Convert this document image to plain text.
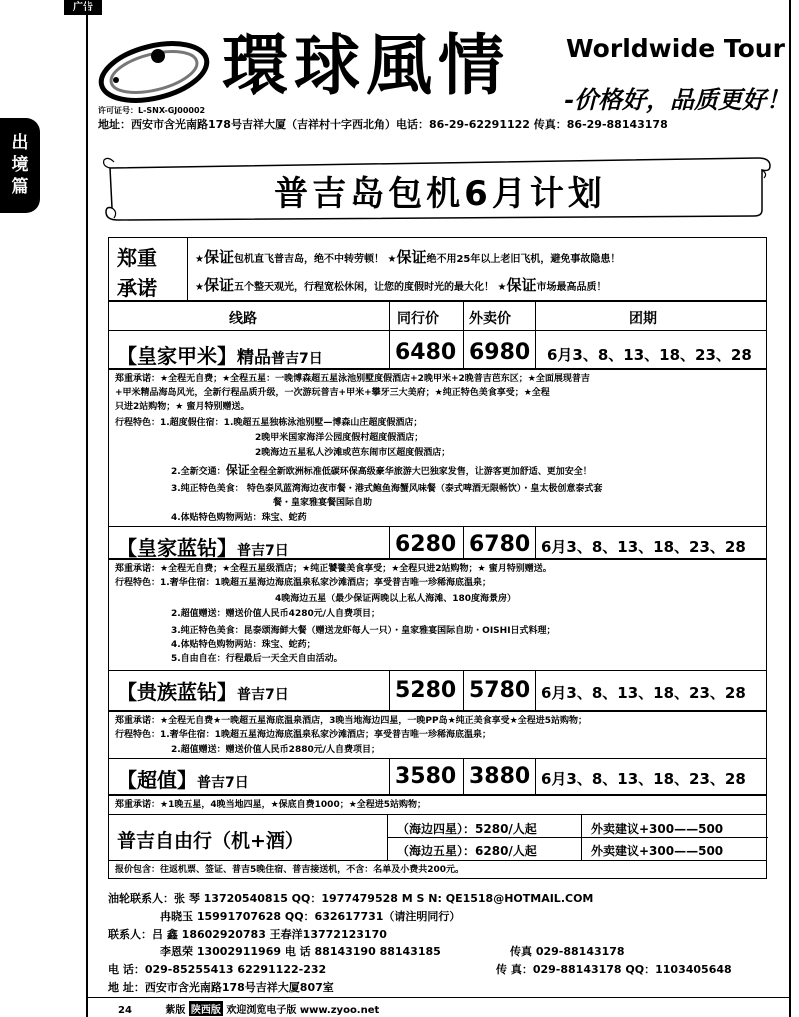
广告
出
境
篇
環球風情 Worldwide Tour
-价格好，品质更好！
许可证号：L-SNX-GJ00002
地址：西安市含光南路178号吉祥大厦（吉祥村十字西北角）电话：86-29-62291122 传真：86-29-88143178
普吉岛包机6月计划
郑重
承诺
★保证包机直飞普吉岛，绝不中转劳顿！ ★保证绝不用25年以上老旧飞机，避免事故隐患！
★保证五个整天观光，行程宽松休闲，让您的度假时光的最大化！ ★保证市场最高品质！
线路	同行价 外卖价	团期
【皇家甲米】精品普吉7日	6480 6980 6月3、8、13、18、23、28
郑重承诺：★全程无自费；★全程五星：一晚博森超五星泳池别墅度假酒店+2晚甲米+2晚普吉芭东区；★全面展现普吉
+甲米精品海岛风光，全新行程品质升级，一次游玩普吉+甲米+攀牙三大美府；★纯正特色美食享受；★全程
只进2站购物；★ 蜜月特别赠送。
行程特色：1.超度假住宿：1.晚超五星独栋泳池别墅—博森山庄超度假酒店；
2晚甲米国家海洋公园度假村超度假酒店；
2晚海边五星私人沙滩或芭东闹市区超度假酒店；
2.全新交通：保证全程全新欧洲标准低碳环保高级豪华旅游大巴独家发售，让游客更加舒适、更加安全！
3.纯正特色美食： 特色泰风蓝湾海边夜市餐・港式鲍鱼海蟹风味餐（泰式啤酒无限畅饮）・皇太极创意泰式套
餐・皇家雅宴餐国际自助
4.体贴特色购物两站：珠宝、蛇药
【皇家蓝钻】普吉7日	6280 6780 6月3、8、13、18、23、28
郑重承诺：★全程无自费；★全程五星级酒店；★纯正饕餮美食享受；★全程只进2站购物；★ 蜜月特别赠送。
行程特色：1.奢华住宿：1晚超五星海边海底温泉私家沙滩酒店；享受普吉唯一珍稀海底温泉；
4晚海边五星（最少保证两晚以上私人海滩、180度海景房）
2.超值赠送：赠送价值人民币4280元/人自费项目；
3.纯正特色美食：昆泰颂海鲜大餐（赠送龙虾每人一只）・皇家雅宴国际自助・OISHI日式料理；
4.体贴特色购物两站：珠宝、蛇药；
5.自由自在：行程最后一天全天自由活动。
【贵族蓝钻】普吉7日	5280 5780 6月3、8、13、18、23、28
郑重承诺：★全程无自费★一晚超五星海底温泉酒店，3晚当地海边四星，一晚PP岛★纯正美食享受★全程进5站购物；
行程特色：1.奢华住宿：1晚超五星海边海底温泉私家沙滩酒店；享受普吉唯一珍稀海底温泉；
2.超值赠送：赠送价值人民币2880元/人自费项目；
【超值】普吉7日	3580 3880 6月3、8、13、18、23、28
郑重承诺：★1晚五星，4晚当地四星，★保底自费1000；★全程进5站购物；
普吉自由行（机+酒）
（海边四星）：5280/人起	外卖建议+300——500
（海边五星）：6280/人起	外卖建议+300——500
报价包含：往返机票、签证、普吉5晚住宿、普吉接送机，不含：名单及小费共200元。
油轮联系人：张 琴 13720540815 QQ：1977479528 M S N: QE1518@HOTMAIL.COM
冉晓玉 15991707628 QQ：632617731（请注明同行）
联系人：吕 鑫 18602920783 王春洋13772123170
李恩荣 13002911969 电 话 88143190 88143185	传真 029-88143178
电 话：029-85255413 62291122-232	传 真：029-88143178 QQ：1103405648
地 址：西安市含光南路178号吉祥大厦807室
24	紫版 陕西版 欢迎浏览电子版 www.zyoo.net
